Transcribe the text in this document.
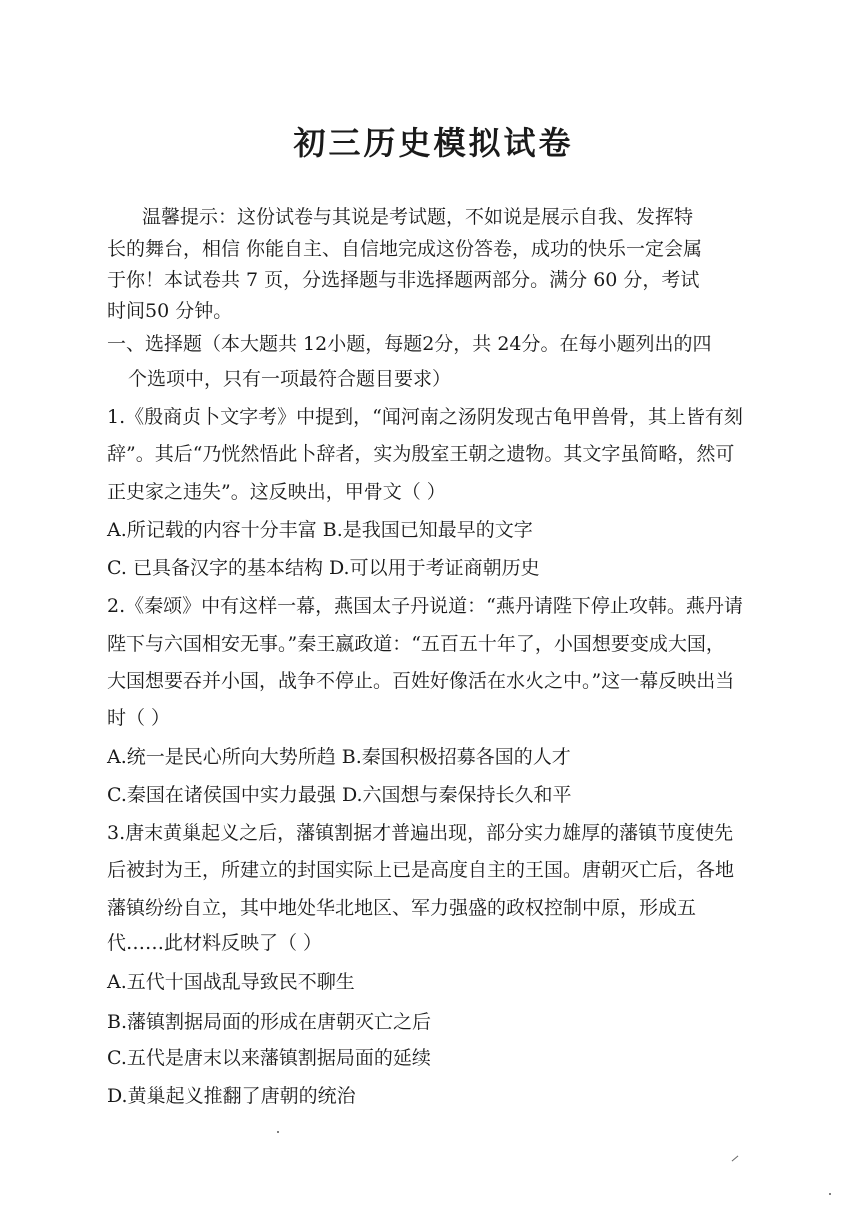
初三历史模拟试卷
温馨提示：这份试卷与其说是考试题，不如说是展示自我、发挥特
长的舞台，相信 你能自主、自信地完成这份答卷，成功的快乐一定会属
于你！本试卷共 7 页，分选择题与非选择题两部分。满分 60 分，考试
时间50 分钟。
一、选择题（本大题共 12小题，每题2分，共 24分。在每小题列出的四
个选项中，只有一项最符合题目要求）
1.《殷商贞卜文字考》中提到，“闻河南之汤阴发现古龟甲兽骨，其上皆有刻
辞”。其后“乃恍然悟此卜辞者，实为殷室王朝之遗物。其文字虽简略，然可
正史家之违失”。这反映出，甲骨文（ ）
A.所记载的内容十分丰富 B.是我国已知最早的文字
C. 已具备汉字的基本结构 D.可以用于考证商朝历史
2.《秦颂》中有这样一幕，燕国太子丹说道：“燕丹请陛下停止攻韩。燕丹请
陛下与六国相安无事。”秦王嬴政道：“五百五十年了，小国想要变成大国，
大国想要吞并小国，战争不停止。百姓好像活在水火之中。”这一幕反映出当
时（ ）
A.统一是民心所向大势所趋 B.秦国积极招募各国的人才
C.秦国在诸侯国中实力最强 D.六国想与秦保持长久和平
3.唐末黄巢起义之后，藩镇割据才普遍出现，部分实力雄厚的藩镇节度使先
后被封为王，所建立的封国实际上已是高度自主的王国。唐朝灭亡后，各地
藩镇纷纷自立，其中地处华北地区、军力强盛的政权控制中原，形成五
代……此材料反映了（ ）
A.五代十国战乱导致民不聊生
B.藩镇割据局面的形成在唐朝灭亡之后
C.五代是唐末以来藩镇割据局面的延续
D.黄巢起义推翻了唐朝的统治
